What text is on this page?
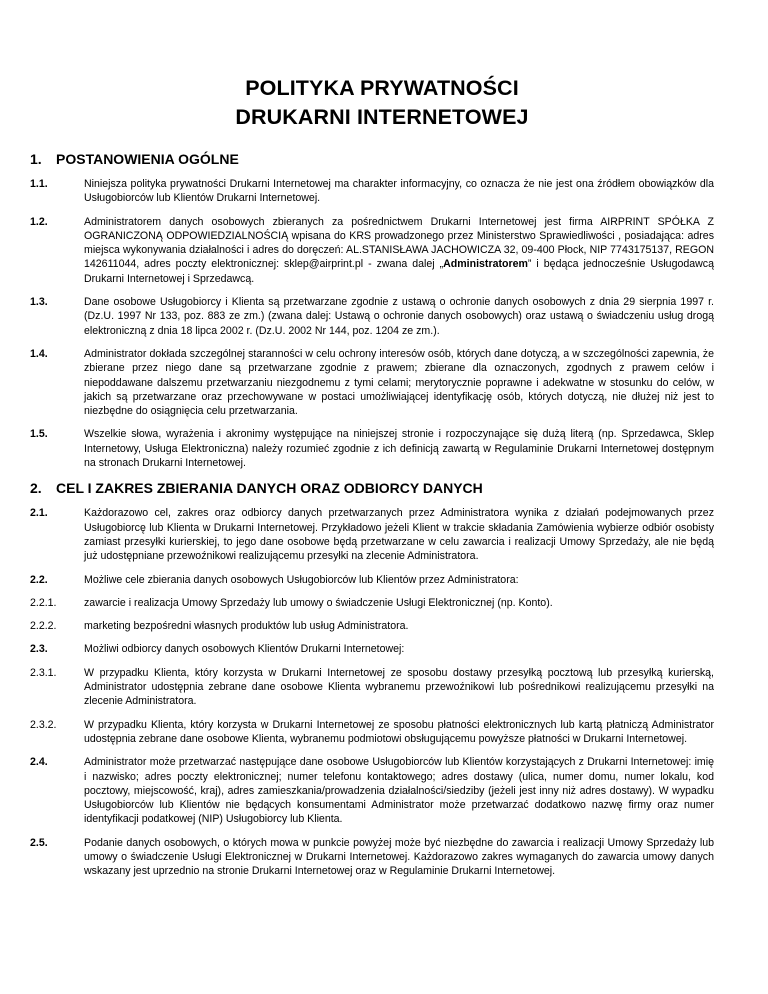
POLITYKA PRYWATNOŚCI
DRUKARNI INTERNETOWEJ
1.	POSTANOWIENIA OGÓLNE
1.1.	Niniejsza polityka prywatności Drukarni Internetowej ma charakter informacyjny, co oznacza że nie jest ona źródłem obowiązków dla Usługobiorców lub Klientów Drukarni Internetowej.
1.2.	Administratorem danych osobowych zbieranych za pośrednictwem Drukarni Internetowej jest firma AIRPRINT SPÓŁKA Z OGRANICZONĄ ODPOWIEDZIALNOŚCIĄ wpisana do KRS prowadzonego przez Ministerstwo Sprawiedliwości , posiadająca: adres miejsca wykonywania działalności i adres do doręczeń: AL.STANISŁAWA JACHOWICZA 32, 09-400 Płock, NIP 7743175137, REGON 142611044, adres poczty elektronicznej: sklep@airprint.pl - zwana dalej „Administratorem” i będąca jednocześnie Usługodawcą Drukarni Internetowej i Sprzedawcą.
1.3.	Dane osobowe Usługobiorcy i Klienta są przetwarzane zgodnie z ustawą o ochronie danych osobowych z dnia 29 sierpnia 1997 r. (Dz.U. 1997 Nr 133, poz. 883 ze zm.) (zwana dalej: Ustawą o ochronie danych osobowych) oraz ustawą o świadczeniu usług drogą elektroniczną z dnia 18 lipca 2002 r. (Dz.U. 2002 Nr 144, poz. 1204 ze zm.).
1.4.	Administrator dokłada szczególnej staranności w celu ochrony interesów osób, których dane dotyczą, a w szczególności zapewnia, że zbierane przez niego dane są przetwarzane zgodnie z prawem; zbierane dla oznaczonych, zgodnych z prawem celów i niepoddawane dalszemu przetwarzaniu niezgodnemu z tymi celami; merytorycznie poprawne i adekwatne w stosunku do celów, w jakich są przetwarzane oraz przechowywane w postaci umożliwiającej identyfikację osób, których dotyczą, nie dłużej niż jest to niezbędne do osiągnięcia celu przetwarzania.
1.5.	Wszelkie słowa, wyrażenia i akronimy występujące na niniejszej stronie i rozpoczynające się dużą literą (np. Sprzedawca, Sklep Internetowy, Usługa Elektroniczna) należy rozumieć zgodnie z ich definicją zawartą w Regulaminie Drukarni Internetowej dostępnym na stronach Drukarni Internetowej.
2.	CEL I ZAKRES ZBIERANIA DANYCH ORAZ ODBIORCY DANYCH
2.1.	Każdorazowo cel, zakres oraz odbiorcy danych przetwarzanych przez Administratora wynika z działań podejmowanych przez Usługobiorcę lub Klienta w Drukarni Internetowej. Przykładowo jeżeli Klient w trakcie składania Zamówienia wybierze odbiór osobisty zamiast przesyłki kurierskiej, to jego dane osobowe będą przetwarzane w celu zawarcia i realizacji Umowy Sprzedaży, ale nie będą już udostępniane przewoźnikowi realizującemu przesyłki na zlecenie Administratora.
2.2.	Możliwe cele zbierania danych osobowych Usługobiorców lub Klientów przez Administratora:
2.2.1.	zawarcie i realizacja Umowy Sprzedaży lub umowy o świadczenie Usługi Elektronicznej (np. Konto).
2.2.2.	marketing bezpośredni własnych produktów lub usług Administratora.
2.3.	Możliwi odbiorcy danych osobowych Klientów Drukarni Internetowej:
2.3.1.	W przypadku Klienta, który korzysta w Drukarni Internetowej ze sposobu dostawy przesyłką pocztową lub przesyłką kurierską, Administrator udostępnia zebrane dane osobowe Klienta wybranemu przewoźnikowi lub pośrednikowi realizującemu przesyłki na zlecenie Administratora.
2.3.2.	W przypadku Klienta, który korzysta w Drukarni Internetowej ze sposobu płatności elektronicznych lub kartą płatniczą Administrator udostępnia zebrane dane osobowe Klienta, wybranemu podmiotowi obsługującemu powyższe płatności w Drukarni Internetowej.
2.4.	Administrator może przetwarzać następujące dane osobowe Usługobiorców lub Klientów korzystających z Drukarni Internetowej: imię i nazwisko; adres poczty elektronicznej; numer telefonu kontaktowego; adres dostawy (ulica, numer domu, numer lokalu, kod pocztowy, miejscowość, kraj), adres zamieszkania/prowadzenia działalności/siedziby (jeżeli jest inny niż adres dostawy). W wypadku Usługobiorców lub Klientów nie będących konsumentami Administrator może przetwarzać dodatkowo nazwę firmy oraz numer identyfikacji podatkowej (NIP) Usługobiorcy lub Klienta.
2.5.	Podanie danych osobowych, o których mowa w punkcie powyżej może być niezbędne do zawarcia i realizacji Umowy Sprzedaży lub umowy o świadczenie Usługi Elektronicznej w Drukarni Internetowej. Każdorazowo zakres wymaganych do zawarcia umowy danych wskazany jest uprzednio na stronie Drukarni Internetowej oraz w Regulaminie Drukarni Internetowej.
